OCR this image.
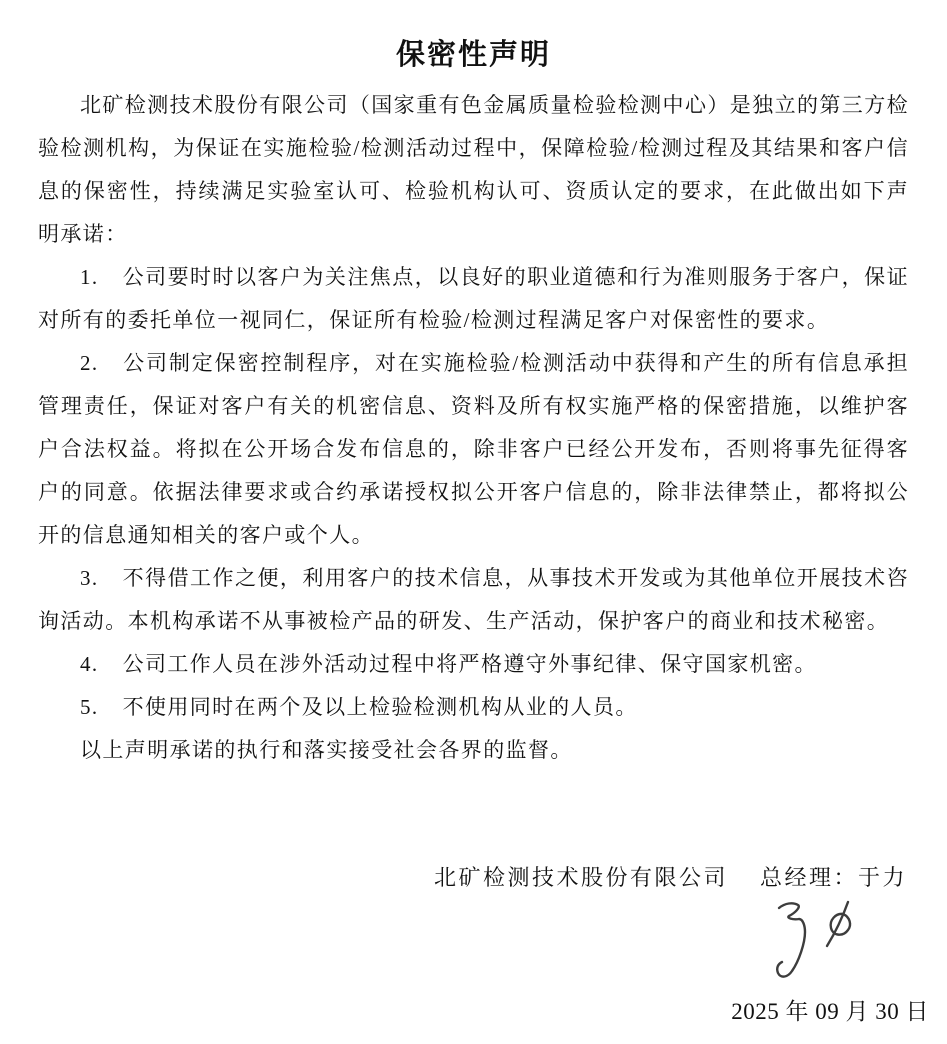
保密性声明

北矿检测技术股份有限公司（国家重有色金属质量检验检测中心）是独立的第三方检验检测机构，为保证在实施检验/检测活动过程中，保障检验/检测过程及其结果和客户信息的保密性，持续满足实验室认可、检验机构认可、资质认定的要求，在此做出如下声明承诺：

1. 公司要时时以客户为关注焦点，以良好的职业道德和行为准则服务于客户，保证对所有的委托单位一视同仁，保证所有检验/检测过程满足客户对保密性的要求。

2. 公司制定保密控制程序，对在实施检验/检测活动中获得和产生的所有信息承担管理责任，保证对客户有关的机密信息、资料及所有权实施严格的保密措施，以维护客户合法权益。将拟在公开场合发布信息的，除非客户已经公开发布，否则将事先征得客户的同意。依据法律要求或合约承诺授权拟公开客户信息的，除非法律禁止，都将拟公开的信息通知相关的客户或个人。

3. 不得借工作之便，利用客户的技术信息，从事技术开发或为其他单位开展技术咨询活动。本机构承诺不从事被检产品的研发、生产活动，保护客户的商业和技术秘密。

4. 公司工作人员在涉外活动过程中将严格遵守外事纪律、保守国家机密。

5. 不使用同时在两个及以上检验检测机构从业的人员。

以上声明承诺的执行和落实接受社会各界的监督。

北矿检测技术股份有限公司 总经理：于力
2025 年 09 月 30 日
